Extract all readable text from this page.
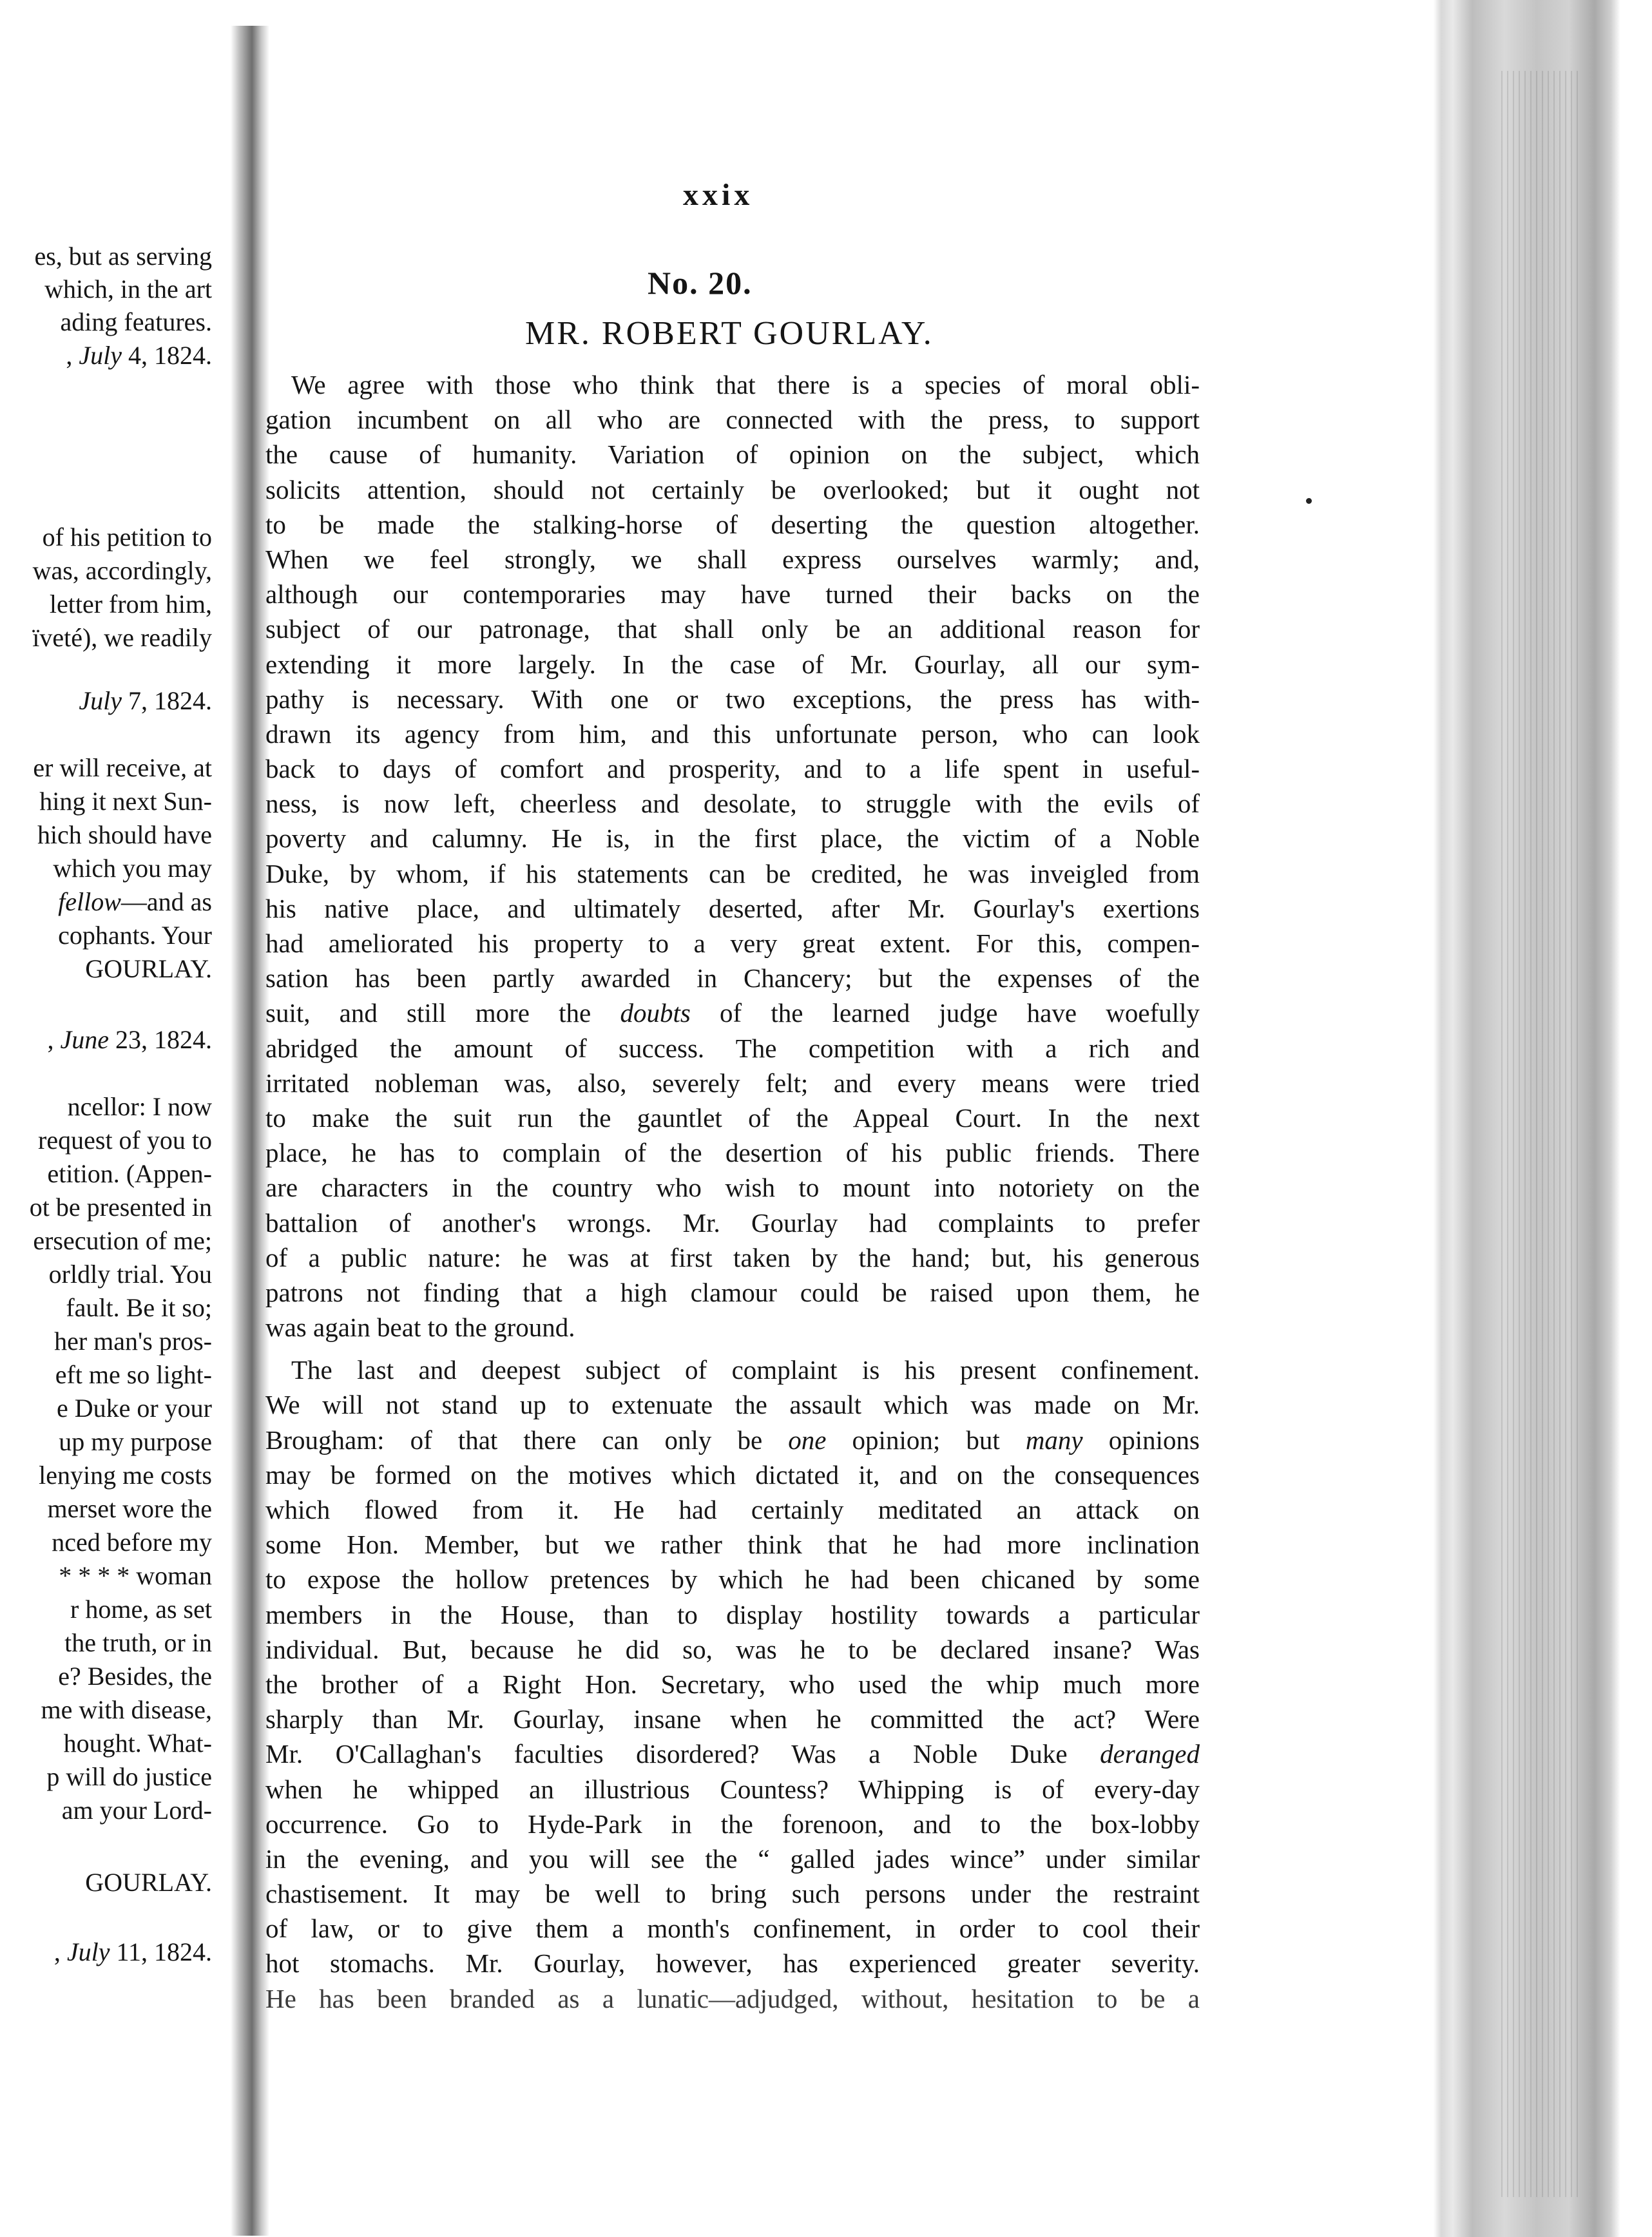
es, but as serving
which, in the art
ading features.
, July 4, 1824.
of his petition to
was, accordingly,
letter from him,
ïveté), we readily
July 7, 1824.
er will receive, at
hing it next Sun-
hich should have
which you may
fellow—and as
cophants. Your
GOURLAY.
, June 23, 1824.
ncellor: I now
request of you to
etition. (Appen-
ot be presented in
ersecution of me;
orldly trial. You
fault. Be it so;
her man's pros-
eft me so light-
e Duke or your
up my purpose
lenying me costs
merset wore the
nced before my
* * * * woman
r home, as set
the truth, or in
e? Besides, the
me with disease,
hought. What-
p will do justice
am your Lord-
GOURLAY.
, July 11, 1824.
xxix
No. 20.
MR. ROBERT GOURLAY.
We agree with those who think that there is a species of moral obli-
gation incumbent on all who are connected with the press, to support
the cause of humanity. Variation of opinion on the subject, which
solicits attention, should not certainly be overlooked; but it ought not
to be made the stalking-horse of deserting the question altogether.
When we feel strongly, we shall express ourselves warmly; and,
although our contemporaries may have turned their backs on the
subject of our patronage, that shall only be an additional reason for
extending it more largely. In the case of Mr. Gourlay, all our sym-
pathy is necessary. With one or two exceptions, the press has with-
drawn its agency from him, and this unfortunate person, who can look
back to days of comfort and prosperity, and to a life spent in useful-
ness, is now left, cheerless and desolate, to struggle with the evils of
poverty and calumny. He is, in the first place, the victim of a Noble
Duke, by whom, if his statements can be credited, he was inveigled from
his native place, and ultimately deserted, after Mr. Gourlay's exertions
had ameliorated his property to a very great extent. For this, compen-
sation has been partly awarded in Chancery; but the expenses of the
suit, and still more the doubts of the learned judge have woefully
abridged the amount of success. The competition with a rich and
irritated nobleman was, also, severely felt; and every means were tried
to make the suit run the gauntlet of the Appeal Court. In the next
place, he has to complain of the desertion of his public friends. There
are characters in the country who wish to mount into notoriety on the
battalion of another's wrongs. Mr. Gourlay had complaints to prefer
of a public nature: he was at first taken by the hand; but, his generous
patrons not finding that a high clamour could be raised upon them, he
was again beat to the ground.
The last and deepest subject of complaint is his present confinement.
We will not stand up to extenuate the assault which was made on Mr.
Brougham: of that there can only be one opinion; but many opinions
may be formed on the motives which dictated it, and on the consequences
which flowed from it. He had certainly meditated an attack on
some Hon. Member, but we rather think that he had more inclination
to expose the hollow pretences by which he had been chicaned by some
members in the House, than to display hostility towards a particular
individual. But, because he did so, was he to be declared insane? Was
the brother of a Right Hon. Secretary, who used the whip much more
sharply than Mr. Gourlay, insane when he committed the act? Were
Mr. O'Callaghan's faculties disordered? Was a Noble Duke deranged
when he whipped an illustrious Countess? Whipping is of every-day
occurrence. Go to Hyde-Park in the forenoon, and to the box-lobby
in the evening, and you will see the “ galled jades wince” under similar
chastisement. It may be well to bring such persons under the restraint
of law, or to give them a month's confinement, in order to cool their
hot stomachs. Mr. Gourlay, however, has experienced greater severity.
He has been branded as a lunatic—adjudged, without, hesitation to be a
